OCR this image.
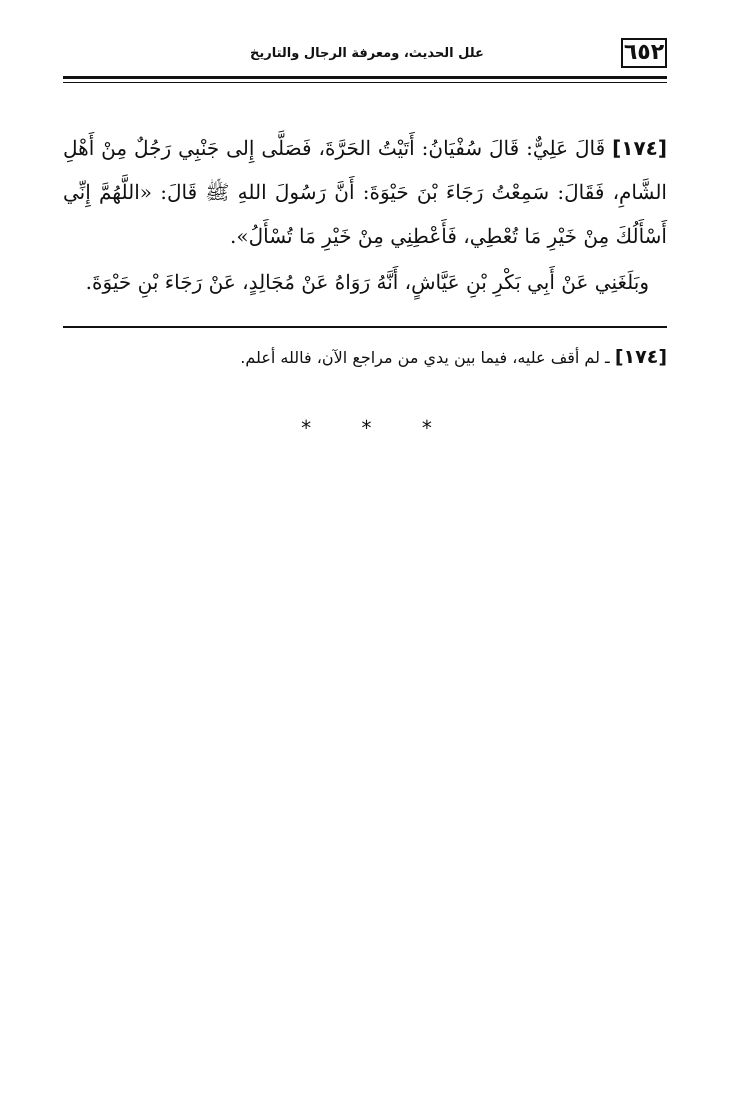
٦٥٢
علل الحديث، ومعرفة الرجال والتاريخ

[١٧٤] قَالَ عَلِيٌّ: قَالَ سُفْيَانُ: أَتَيْتُ الحَرَّةَ، فَصَلَّى إِلى جَنْبِي رَجُلٌ مِنْ أَهْلِ الشَّامِ، فَقَالَ: سَمِعْتُ رَجَاءَ بْنَ حَيْوَةَ: أَنَّ رَسُولَ اللهِ ﷺ قَالَ: «اللَّهُمَّ إِنِّي أَسْأَلُكَ مِنْ خَيْرِ مَا تُعْطِي، فَأَعْطِنِي مِنْ خَيْرِ مَا تُسْأَلُ».

وبَلَغَنِي عَنْ أَبِي بَكْرِ بْنِ عَيَّاشٍ، أَنَّهُ رَوَاهُ عَنْ مُجَالِدٍ، عَنْ رَجَاءَ بْنِ حَيْوَةَ.

[١٧٤] ـ لم أقف عليه، فيما بين يدي من مراجع الآن، فالله أعلم.
* * *
